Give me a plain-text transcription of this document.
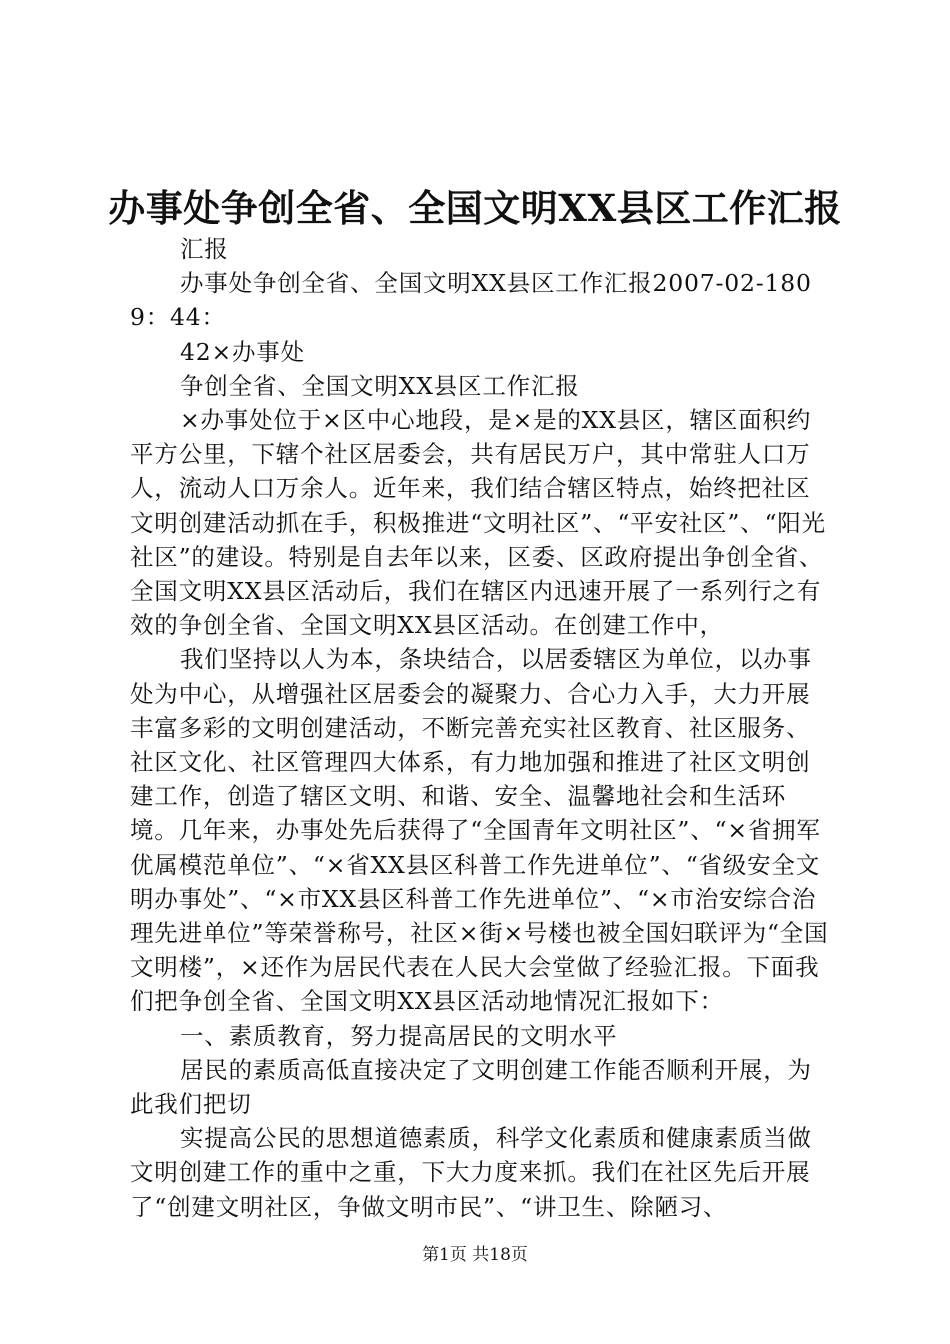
办事处争创全省、全国文明XX县区工作汇报

汇报

办事处争创全省、全国文明XX县区工作汇报2007-02-1809：44：

42×办事处

争创全省、全国文明XX县区工作汇报

×办事处位于×区中心地段，是×是的XX县区，辖区面积约平方公里，下辖个社区居委会，共有居民万户，其中常驻人口万人，流动人口万余人。近年来，我们结合辖区特点，始终把社区文明创建活动抓在手，积极推进“文明社区”、“平安社区”、“阳光社区”的建设。特别是自去年以来，区委、区政府提出争创全省、全国文明XX县区活动后，我们在辖区内迅速开展了一系列行之有效的争创全省、全国文明XX县区活动。在创建工作中，

我们坚持以人为本，条块结合，以居委辖区为单位，以办事处为中心，从增强社区居委会的凝聚力、合心力入手，大力开展丰富多彩的文明创建活动，不断完善充实社区教育、社区服务、社区文化、社区管理四大体系，有力地加强和推进了社区文明创建工作，创造了辖区文明、和谐、安全、温馨地社会和生活环境。几年来，办事处先后获得了“全国青年文明社区”、“×省拥军优属模范单位”、“×省XX县区科普工作先进单位”、“省级安全文明办事处”、“×市XX县区科普工作先进单位”、“×市治安综合治理先进单位”等荣誉称号，社区×街×号楼也被全国妇联评为“全国文明楼”，×还作为居民代表在人民大会堂做了经验汇报。下面我们把争创全省、全国文明XX县区活动地情况汇报如下：

一、素质教育，努力提高居民的文明水平

居民的素质高低直接决定了文明创建工作能否顺利开展，为此我们把切

实提高公民的思想道德素质，科学文化素质和健康素质当做文明创建工作的重中之重，下大力度来抓。我们在社区先后开展了“创建文明社区，争做文明市民”、“讲卫生、除陋习、

第1页 共18页
